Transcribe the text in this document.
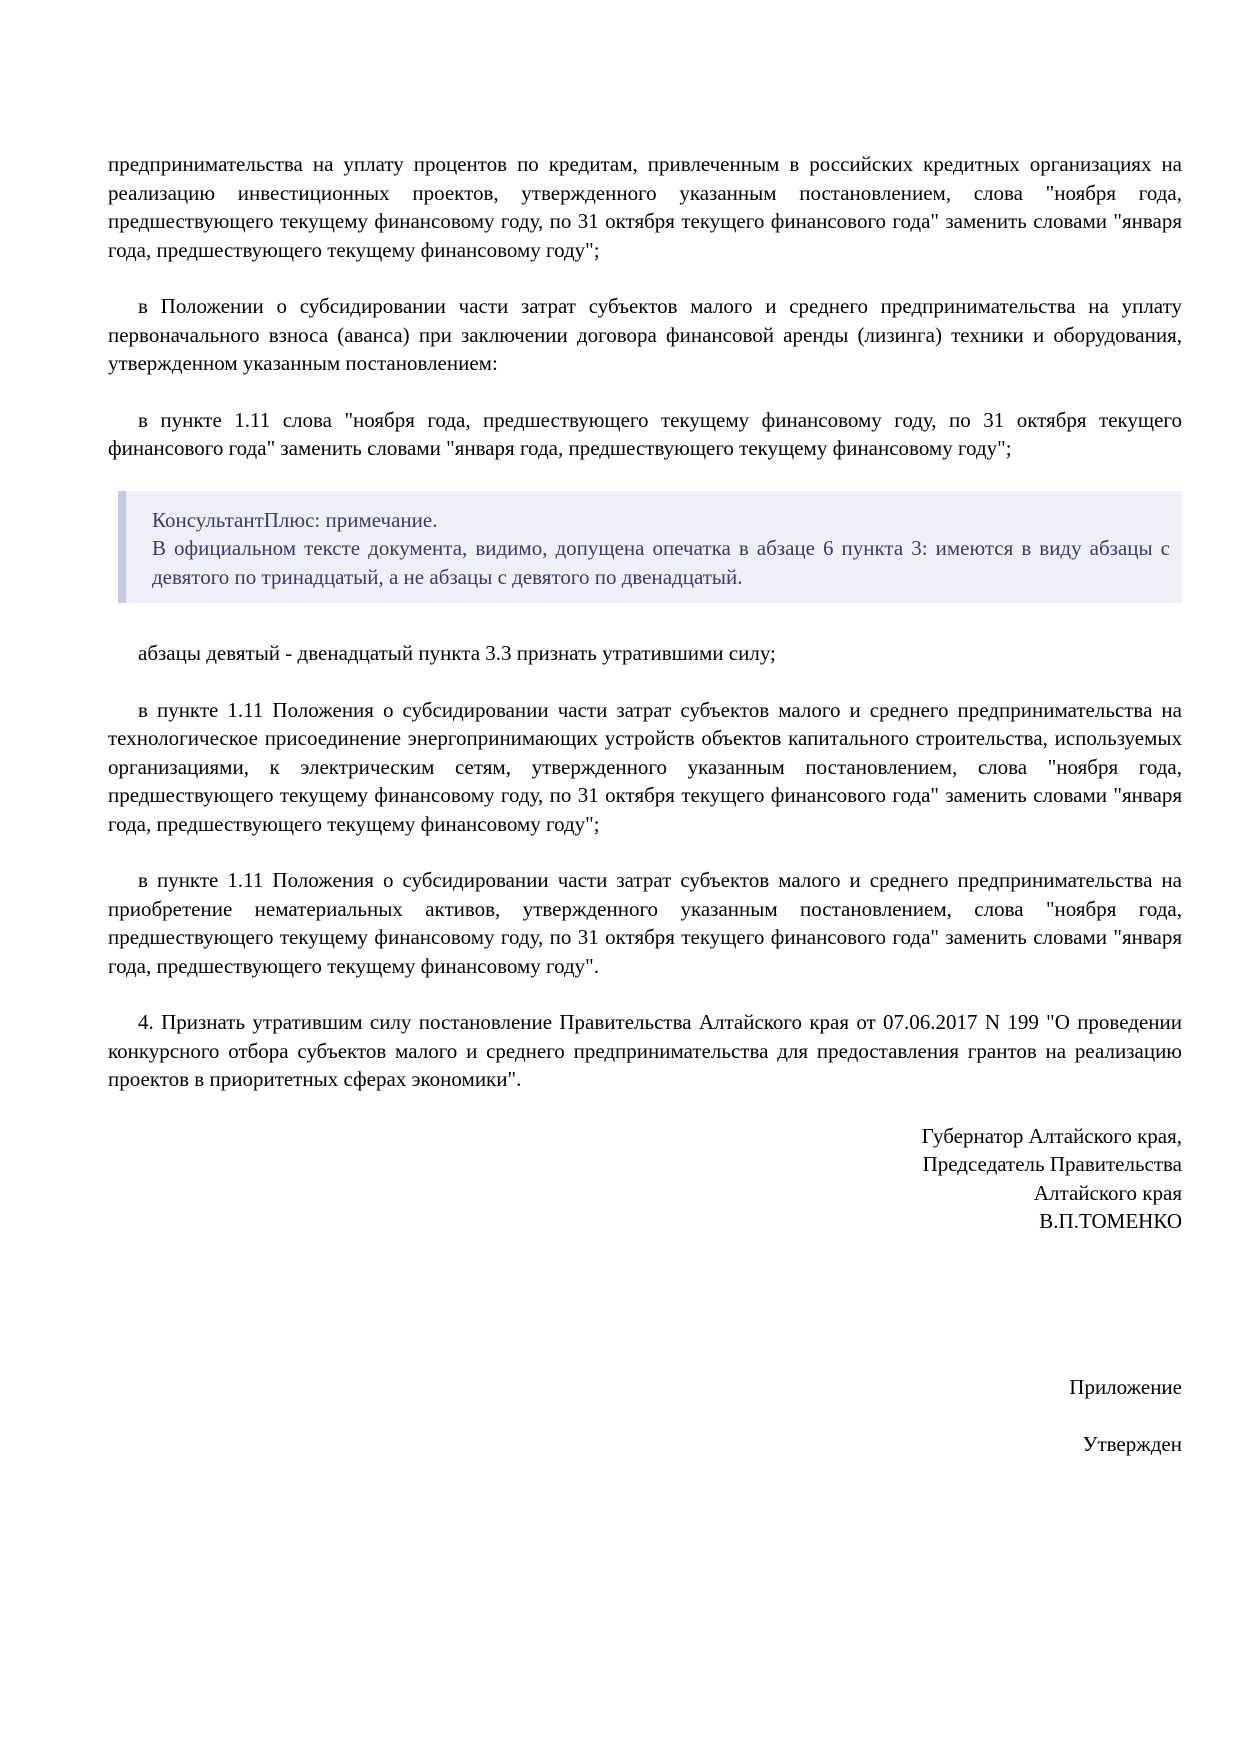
предпринимательства на уплату процентов по кредитам, привлеченным в российских кредитных организациях на реализацию инвестиционных проектов, утвержденного указанным постановлением, слова "ноября года, предшествующего текущему финансовому году, по 31 октября текущего финансового года" заменить словами "января года, предшествующего текущему финансовому году";

в Положении о субсидировании части затрат субъектов малого и среднего предпринимательства на уплату первоначального взноса (аванса) при заключении договора финансовой аренды (лизинга) техники и оборудования, утвержденном указанным постановлением:

в пункте 1.11 слова "ноября года, предшествующего текущему финансовому году, по 31 октября текущего финансового года" заменить словами "января года, предшествующего текущему финансовому году";

КонсультантПлюс: примечание.

В официальном тексте документа, видимо, допущена опечатка в абзаце 6 пункта 3: имеются в виду абзацы с девятого по тринадцатый, а не абзацы с девятого по двенадцатый.

абзацы девятый - двенадцатый пункта 3.3 признать утратившими силу;

в пункте 1.11 Положения о субсидировании части затрат субъектов малого и среднего предпринимательства на технологическое присоединение энергопринимающих устройств объектов капитального строительства, используемых организациями, к электрическим сетям, утвержденного указанным постановлением, слова "ноября года, предшествующего текущему финансовому году, по 31 октября текущего финансового года" заменить словами "января года, предшествующего текущему финансовому году";

в пункте 1.11 Положения о субсидировании части затрат субъектов малого и среднего предпринимательства на приобретение нематериальных активов, утвержденного указанным постановлением, слова "ноября года, предшествующего текущему финансовому году, по 31 октября текущего финансового года" заменить словами "января года, предшествующего текущему финансовому году".

4. Признать утратившим силу постановление Правительства Алтайского края от 07.06.2017 N 199 "О проведении конкурсного отбора субъектов малого и среднего предпринимательства для предоставления грантов на реализацию проектов в приоритетных сферах экономики".

Губернатор Алтайского края,
Председатель Правительства
Алтайского края
В.П.ТОМЕНКО

Приложение

Утвержден
